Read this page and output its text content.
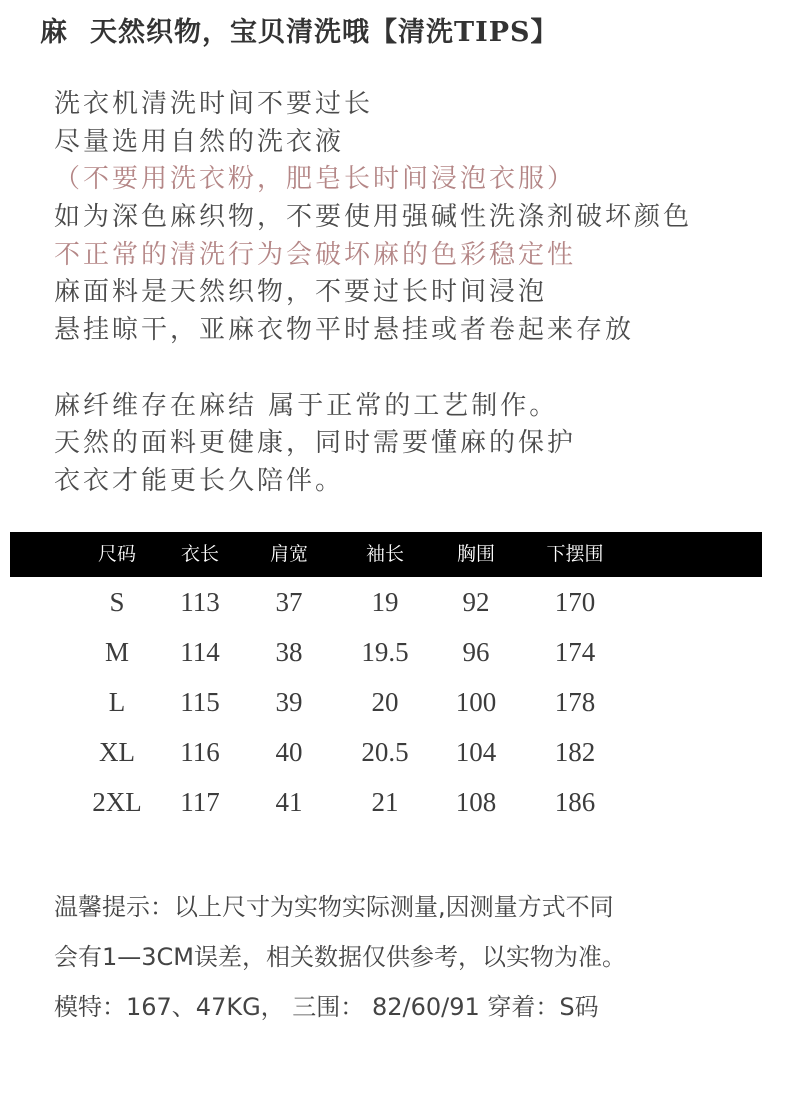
麻 天然织物，宝贝清洗哦【清洗TIPS】
洗衣机清洗时间不要过长
尽量选用自然的洗衣液
（不要用洗衣粉，肥皂长时间浸泡衣服）
如为深色麻织物，不要使用强碱性洗涤剂破坏颜色
不正常的清洗行为会破坏麻的色彩稳定性
麻面料是天然织物，不要过长时间浸泡
悬挂晾干，亚麻衣物平时悬挂或者卷起来存放
麻纤维存在麻结 属于正常的工艺制作。
天然的面料更健康，同时需要懂麻的保护
衣衣才能更长久陪伴。
尺码 衣长	肩宽	袖长	胸围	下摆围
S 113 37	19 92 170
M 114 38 19.5 96 174
L 115 39	20 100 178
XL 116 40 20.5 104 182
2XL 117 41	21 108 186
温馨提示：以上尺寸为实物实际测量,因测量方式不同
会有1—3CM误差，相关数据仅供参考，以实物为准。
模特：167、47KG， 三围： 82/60/91 穿着：S码
